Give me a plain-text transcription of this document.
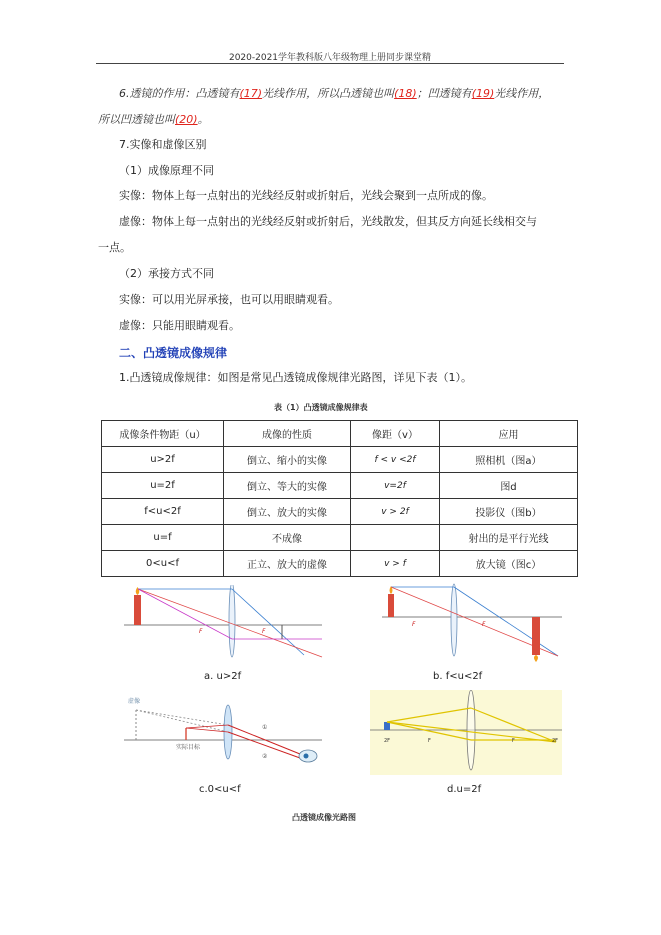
2020-2021学年教科版八年级物理上册同步课堂精
6.透镜的作用：凸透镜有(17)光线作用，所以凸透镜也叫(18)；凹透镜有(19)光线作用，
所以凹透镜也叫(20)。
7.实像和虚像区别
（1）成像原理不同
实像：物体上每一点射出的光线经反射或折射后，光线会聚到一点所成的像。
虚像：物体上每一点射出的光线经反射或折射后，光线散发，但其反方向延长线相交与
一点。
（2）承接方式不同
实像：可以用光屏承接，也可以用眼睛观看。
虚像：只能用眼睛观看。
二、凸透镜成像规律
1.凸透镜成像规律：如图是常见凸透镜成像规律光路图，详见下表（1）。
表（1）凸透镜成像规律表
成像条件物距（u）	成像的性质	像距（v）	应用
u>2f	倒立、缩小的实像	f < v <2f	照相机（图a）
u=2f	倒立、等大的实像	v=2f	图d
f<u<2f	倒立、放大的实像	v > 2f	投影仪（图b）
u=f	不成像		射出的是平行光线
0<u<f	正立、放大的虚像	v > f	放大镜（图c）
F	F
a. u>2f
F	F
b. f<u<2f
虚像
实际目标
①
②
c.0<u<f
2F	F	F	2F
d.u=2f
凸透镜成像光路图
